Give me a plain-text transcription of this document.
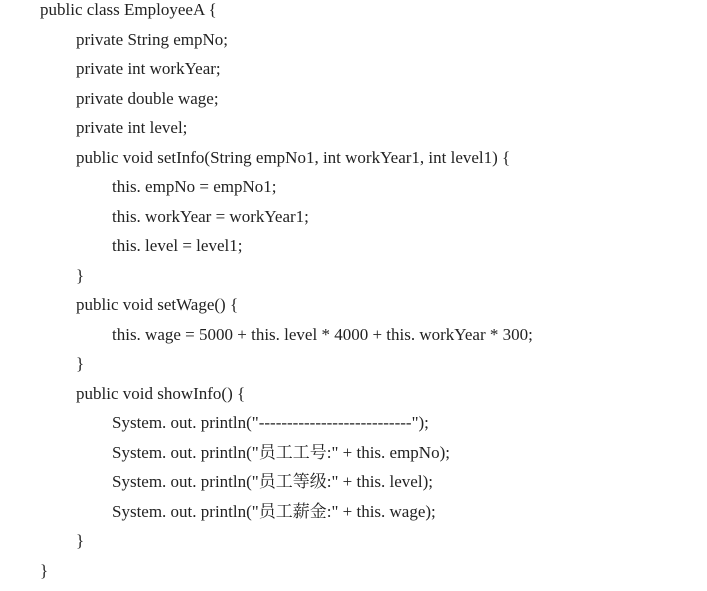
public class EmployeeA {
private String empNo;
private int workYear;
private double wage;
private int level;
public void setInfo(String empNo1, int workYear1, int level1) {
this. empNo = empNo1;
this. workYear = workYear1;
this. level = level1;
}
public void setWage() {
this. wage = 5000 + this. level * 4000 + this. workYear * 300;
}
public void showInfo() {
System. out. println("---------------------------");
System. out. println("员工工号:" + this. empNo);
System. out. println("员工等级:" + this. level);
System. out. println("员工薪金:" + this. wage);
}
}
